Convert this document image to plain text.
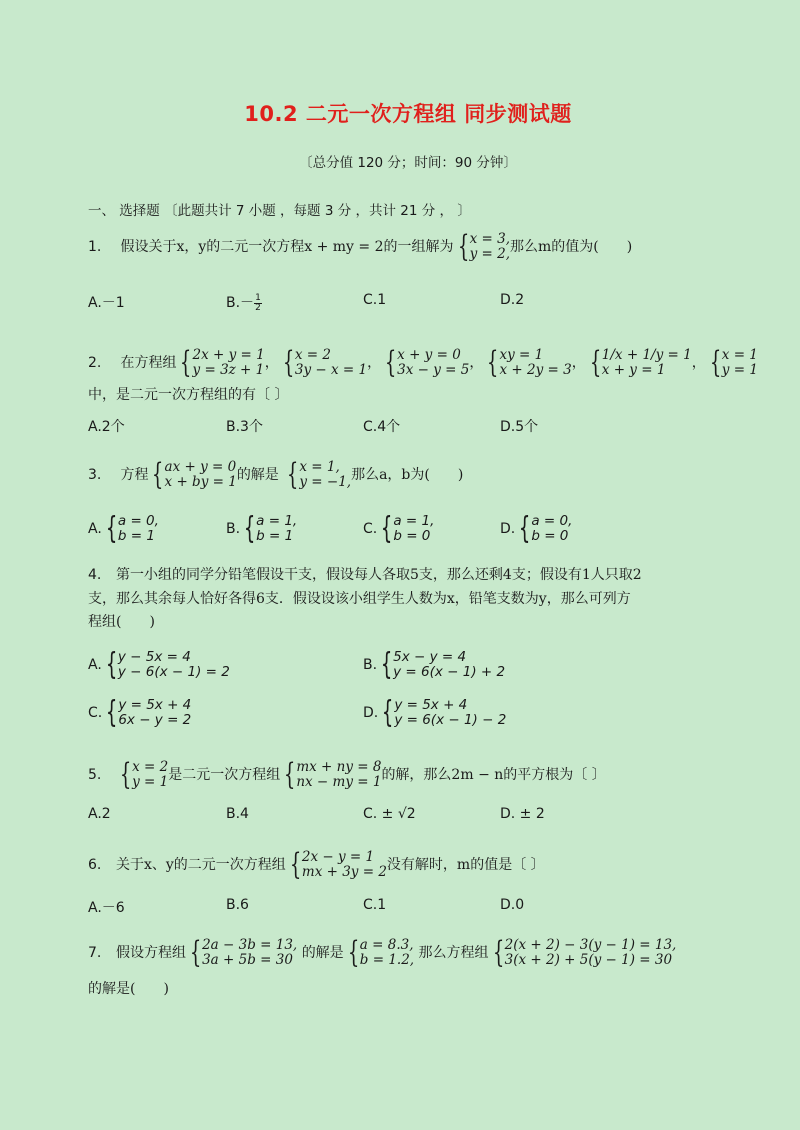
10.2 二元一次方程组 同步测试题
〔总分值 120 分；时间：90 分钟〕
一、 选择题 〔此题共计 7 小题 ，每题 3 分 ，共计 21 分 ， 〕
1. 假设关于x，y的二元一次方程x + my = 2的一组解为 { x = 3,
y = 2, 那么m的值为(　　)
A.－1	$B.- \frac{1}{2}$	C.1	D.2
2. 在方程组 { 2x + y = 1
y = 3z + 1 ， { x = 2
3y − x = 1 ， { x + y = 0
3x − y = 5 ， { xy = 1
x + 2y = 3 ， { 1/x + 1/y = 1
x + y = 1	， { x = 1
y = 1
中，是二元一次方程组的有〔 〕
A.2个	B.3个	C.4个	D.5个
3. 方程 { ax + y = 0
x + by = 1 的解是 { x = 1,
y = −1, 那么a，b为(　　)
A. { a = 0,
b = 1	B. { a = 1,
b = 1	C. { a = 1,
b = 0	D. { a = 0,
b = 0
4. 第一小组的同学分铅笔假设干支，假设每人各取5支，那么还剩4支；假设有1人只取2
支，那么其余每人恰好各得6支．假设设该小组学生人数为x，铅笔支数为y，那么可列方
程组(　　)
A. { y − 5x = 4
y − 6(x − 1) = 2	B. { 5x − y = 4
y = 6(x − 1) + 2
C. { y = 5x + 4
6x − y = 2	D. { y = 5x + 4
y = 6(x − 1) − 2
5. { x = 2
y = 1 是二元一次方程组 { mx + ny = 8
nx − my = 1 的解，那么2m − n的平方根为〔 〕
A.2	B.4	C. ± √2	D. ± 2
6. 关于x、y的二元一次方程组 { 2x − y = 1
mx + 3y = 2 没有解时，m的值是〔 〕
A.－6	B.6	C.1	D.0
7. 假设方程组 { 2a − 3b = 13,
3a + 5b = 30 的解是 { a = 8.3,
b = 1.2, 那么方程组 { 2(x + 2) − 3(y − 1) = 13,
3(x + 2) + 5(y − 1) = 30
的解是(　　)
